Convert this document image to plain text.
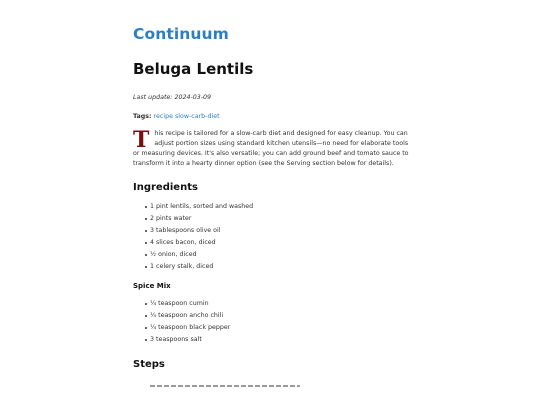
Continuum
Beluga Lentils

Last update: 2024-03-09

Tags: recipe slow-carb-diet

This recipe is tailored for a slow-carb diet and designed for easy cleanup. You can adjust portion sizes using standard kitchen utensils—no need for elaborate tools or measuring devices. It's also versatile; you can add ground beef and tomato sauce to transform it into a hearty dinner option (see the Serving section below for details).

Ingredients
1 pint lentils, sorted and washed
2 pints water
3 tablespoons olive oil
4 slices bacon, diced
½ onion, diced
1 celery stalk, diced
Spice Mix
¼ teaspoon cumin
¼ teaspoon ancho chili
¼ teaspoon black pepper
3 teaspoons salt
Steps
